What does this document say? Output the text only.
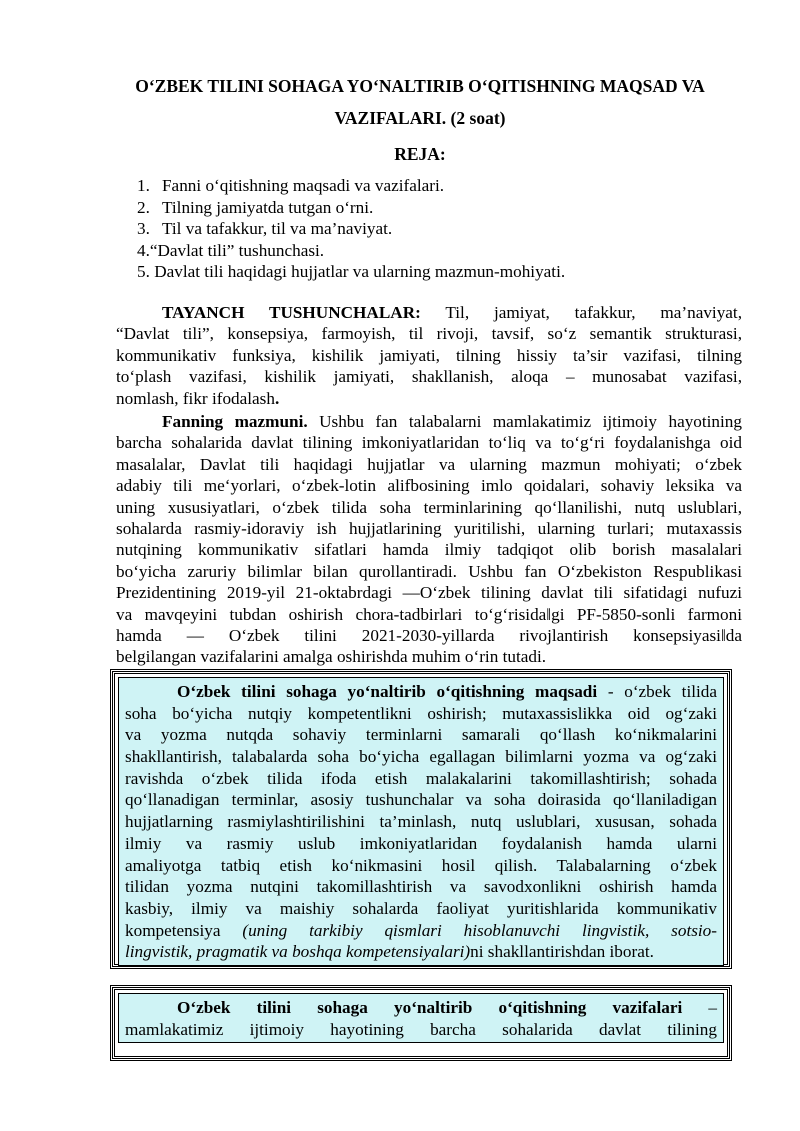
O‘ZBEK TILINI SOHAGA YO‘NALTIRIB O‘QITISHNING MAQSAD VA
VAZIFALARI. (2 soat)
REJA:
1. Fanni o‘qitishning maqsadi va vazifalari.
2. Tilning jamiyatda tutgan o‘rni.
3. Til va tafakkur, til va ma’naviyat.
4.“Davlat tili” tushunchasi.
5. Davlat tili haqidagi hujjatlar va ularning mazmun-mohiyati.
TAYANCH TUSHUNCHALAR: Til, jamiyat, tafakkur, ma’naviyat,
“Davlat tili”, konsepsiya, farmoyish, til rivoji, tavsif, so‘z semantik strukturasi,
kommunikativ funksiya, kishilik jamiyati, tilning hissiy ta’sir vazifasi, tilning
to‘plash vazifasi, kishilik jamiyati, shakllanish, aloqa – munosabat vazifasi,
nomlash, fikr ifodalash.
Fanning mazmuni. Ushbu fan talabalarni mamlakatimiz ijtimoiy hayotining
barcha sohalarida davlat tilining imkoniyatlaridan to‘liq va to‘g‘ri foydalanishga oid
masalalar, Davlat tili haqidagi hujjatlar va ularning mazmun mohiyati; o‘zbek
adabiy tili me‘yorlari, o‘zbek-lotin alifbosining imlo qoidalari, sohaviy leksika va
uning xususiyatlari, o‘zbek tilida soha terminlarining qo‘llanilishi, nutq uslublari,
sohalarda rasmiy-idoraviy ish hujjatlarining yuritilishi, ularning turlari; mutaxassis
nutqining kommunikativ sifatlari hamda ilmiy tadqiqot olib borish masalalari
bo‘yicha zaruriy bilimlar bilan qurollantiradi. Ushbu fan O‘zbekiston Respublikasi
Prezidentining 2019-yil 21-oktabrdagi ―O‘zbek tilining davlat tili sifatidagi nufuzi
va mavqeyini tubdan oshirish chora-tadbirlari to‘g‘risida‖gi PF-5850-sonli farmoni
hamda ― O‘zbek tilini 2021-2030-yillarda rivojlantirish konsepsiyasi‖da
belgilangan vazifalarini amalga oshirishda muhim o‘rin tutadi.
O‘zbek tilini sohaga yo‘naltirib o‘qitishning maqsadi - o‘zbek tilida
soha bo‘yicha nutqiy kompetentlikni oshirish; mutaxassislikka oid og‘zaki
va yozma nutqda sohaviy terminlarni samarali qo‘llash ko‘nikmalarini
shakllantirish, talabalarda soha bo‘yicha egallagan bilimlarni yozma va og‘zaki
ravishda o‘zbek tilida ifoda etish malakalarini takomillashtirish; sohada
qo‘llanadigan terminlar, asosiy tushunchalar va soha doirasida qo‘llaniladigan
hujjatlarning rasmiylashtirilishini ta’minlash, nutq uslublari, xususan, sohada
ilmiy va rasmiy uslub imkoniyatlaridan foydalanish hamda ularni
amaliyotga tatbiq etish ko‘nikmasini hosil qilish. Talabalarning o‘zbek
tilidan yozma nutqini takomillashtirish va savodxonlikni oshirish hamda
kasbiy, ilmiy va maishiy sohalarda faoliyat yuritishlarida kommunikativ
kompetensiya (uning tarkibiy qismlari hisoblanuvchi lingvistik, sotsio-
lingvistik, pragmatik va boshqa kompetensiyalari)ni shakllantirishdan iborat.
O‘zbek tilini sohaga yo‘naltirib o‘qitishning vazifalari –
mamlakatimiz ijtimoiy hayotining barcha sohalarida davlat tilining
